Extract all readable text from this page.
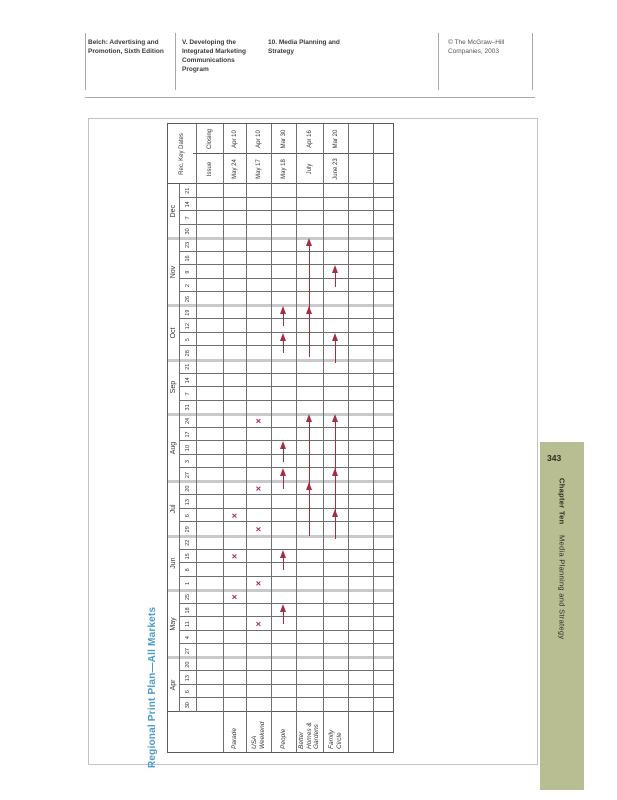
Belch: Advertising and Promotion, Sixth Edition
V. Developing the Integrated Marketing Communications Program
10. Media Planning and Strategy
© The McGraw–Hill Companies, 2003
Regional Print Plan—All Markets	Apr
30
6
13
20
May
27
4
11
18
25
Jun
1
8
15
22
Jul
29
6
13
20
Aug
27
3
10
17
24
Sep
31
7
14
21
Oct
28
5
12
19
Nov
26
2
9
16
23
Dec
30
7
14
21
Rec. Key Dates	Issue
Closing
Parade
May 24
Apr 10
×
×
×
USA Weekend
May 17
Apr 10
×
×
×
×
×
People
May 18
Mar 30
Better Homes & Gardens
July
Apr 16
Family Circle
June 23
Mar 20
343
Chapter TenMedia Planning and Strategy
